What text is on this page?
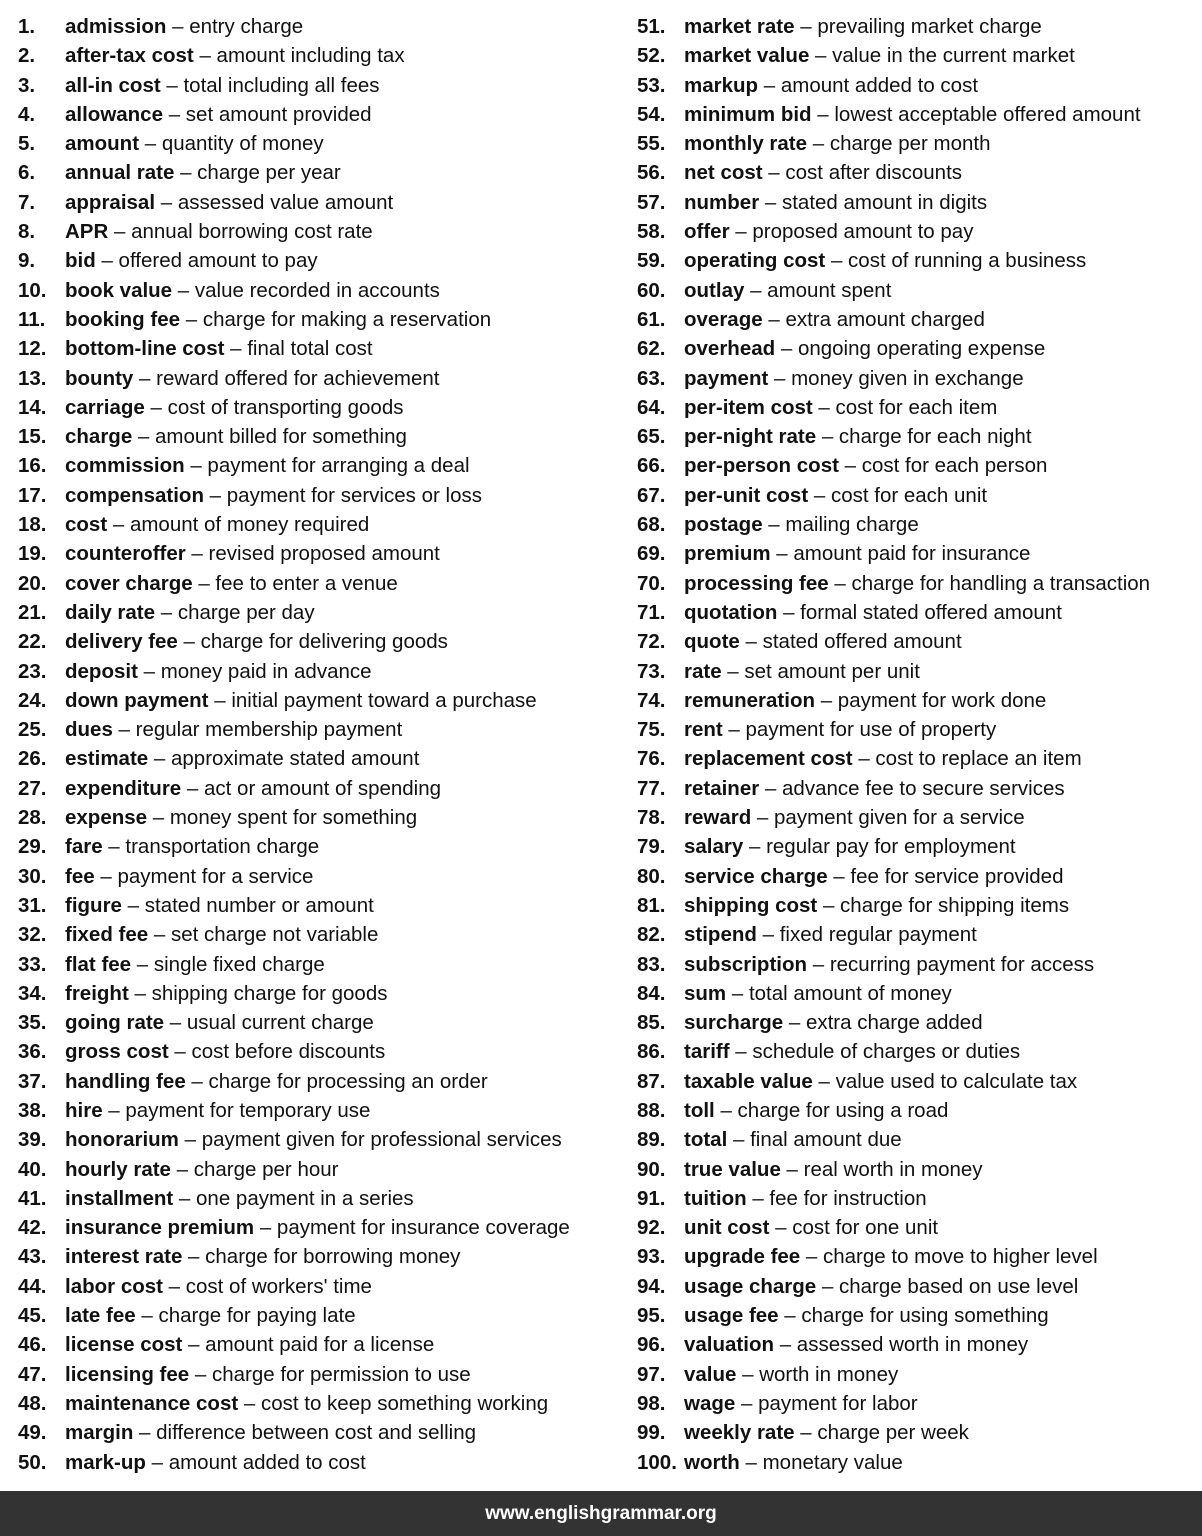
1.	admission – entry charge
2.	after-tax cost – amount including tax
3.	all-in cost – total including all fees
4.	allowance – set amount provided
5.	amount – quantity of money
6.	annual rate – charge per year
7.	appraisal – assessed value amount
8.	APR – annual borrowing cost rate
9.	bid – offered amount to pay
10. book value – value recorded in accounts
11. booking fee – charge for making a reservation
12. bottom-line cost – final total cost
13. bounty – reward offered for achievement
14. carriage – cost of transporting goods
15. charge – amount billed for something
16. commission – payment for arranging a deal
17. compensation – payment for services or loss
18. cost – amount of money required
19. counteroffer – revised proposed amount
20. cover charge – fee to enter a venue
21. daily rate – charge per day
22. delivery fee – charge for delivering goods
23. deposit – money paid in advance
24. down payment – initial payment toward a purchase
25. dues – regular membership payment
26. estimate – approximate stated amount
27. expenditure – act or amount of spending
28. expense – money spent for something
29. fare – transportation charge
30. fee – payment for a service
31. figure – stated number or amount
32. fixed fee – set charge not variable
33. flat fee – single fixed charge
34. freight – shipping charge for goods
35. going rate – usual current charge
36. gross cost – cost before discounts
37. handling fee – charge for processing an order
38. hire – payment for temporary use
39. honorarium – payment given for professional services
40. hourly rate – charge per hour
41. installment – one payment in a series
42. insurance premium – payment for insurance coverage
43. interest rate – charge for borrowing money
44. labor cost – cost of workers' time
45. late fee – charge for paying late
46. license cost – amount paid for a license
47. licensing fee – charge for permission to use
48. maintenance cost – cost to keep something working
49. margin – difference between cost and selling
50. mark-up – amount added to cost
51. market rate – prevailing market charge
52. market value – value in the current market
53. markup – amount added to cost
54. minimum bid – lowest acceptable offered amount
55. monthly rate – charge per month
56. net cost – cost after discounts
57. number – stated amount in digits
58. offer – proposed amount to pay
59. operating cost – cost of running a business
60. outlay – amount spent
61. overage – extra amount charged
62. overhead – ongoing operating expense
63. payment – money given in exchange
64. per-item cost – cost for each item
65. per-night rate – charge for each night
66. per-person cost – cost for each person
67. per-unit cost – cost for each unit
68. postage – mailing charge
69. premium – amount paid for insurance
70. processing fee – charge for handling a transaction
71. quotation – formal stated offered amount
72. quote – stated offered amount
73. rate – set amount per unit
74. remuneration – payment for work done
75. rent – payment for use of property
76. replacement cost – cost to replace an item
77. retainer – advance fee to secure services
78. reward – payment given for a service
79. salary – regular pay for employment
80. service charge – fee for service provided
81. shipping cost – charge for shipping items
82. stipend – fixed regular payment
83. subscription – recurring payment for access
84. sum – total amount of money
85. surcharge – extra charge added
86. tariff – schedule of charges or duties
87. taxable value – value used to calculate tax
88. toll – charge for using a road
89. total – final amount due
90. true value – real worth in money
91. tuition – fee for instruction
92. unit cost – cost for one unit
93. upgrade fee – charge to move to higher level
94. usage charge – charge based on use level
95. usage fee – charge for using something
96. valuation – assessed worth in money
97. value – worth in money
98. wage – payment for labor
99. weekly rate – charge per week
100. worth – monetary value
www.englishgrammar.org
